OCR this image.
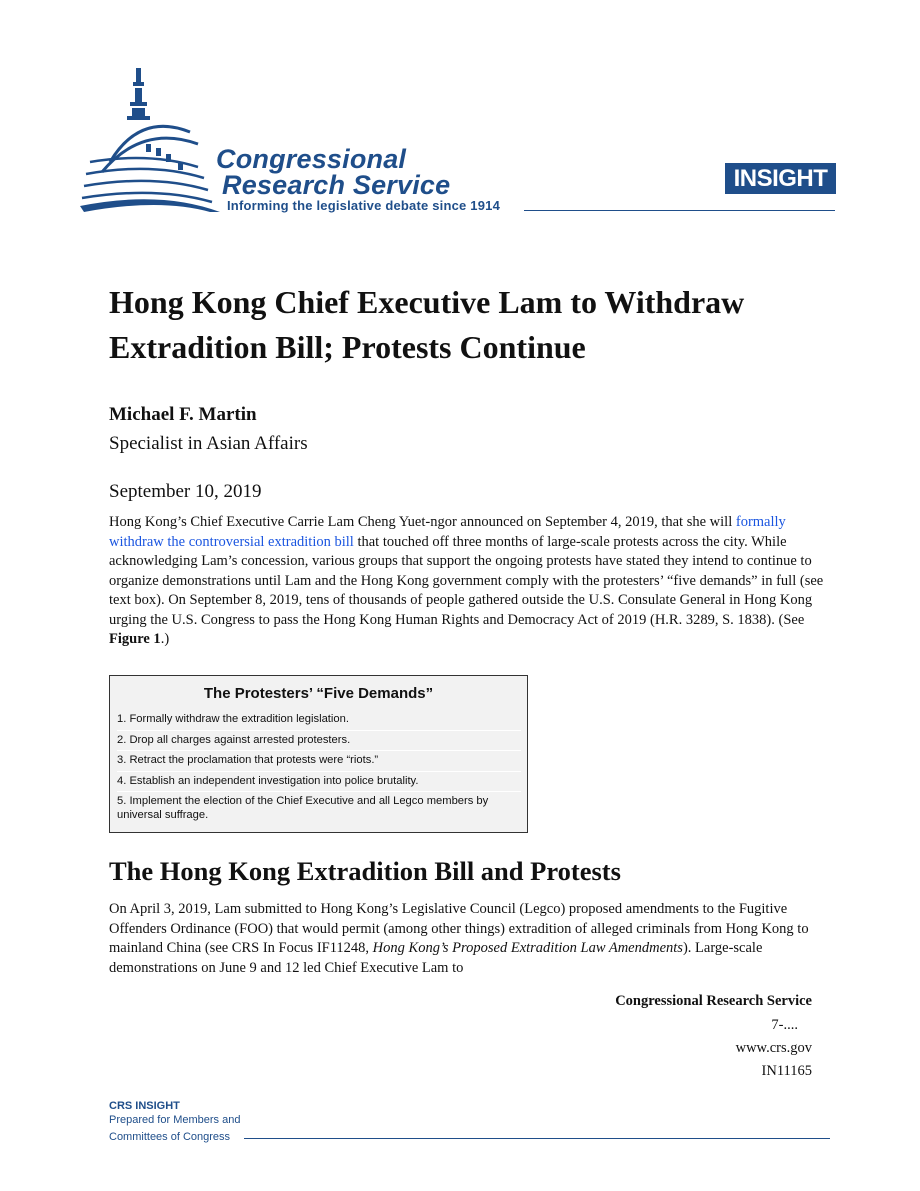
Congressional
Research Service
Informing the legislative debate since 1914
INSIGHT
Hong Kong Chief Executive Lam to Withdraw Extradition Bill; Protests Continue
Michael F. Martin
Specialist in Asian Affairs
September 10, 2019

Hong Kong’s Chief Executive Carrie Lam Cheng Yuet-ngor announced on September 4, 2019, that she will formally withdraw the controversial extradition bill that touched off three months of large-scale protests across the city. While acknowledging Lam’s concession, various groups that support the ongoing protests have stated they intend to continue to organize demonstrations until Lam and the Hong Kong government comply with the protesters’ “five demands” in full (see text box). On September 8, 2019, tens of thousands of people gathered outside the U.S. Consulate General in Hong Kong urging the U.S. Congress to pass the Hong Kong Human Rights and Democracy Act of 2019 (H.R. 3289, S. 1838). (See Figure 1.)

The Protesters’ “Five Demands”
1. Formally withdraw the extradition legislation.
2. Drop all charges against arrested protesters.
3. Retract the proclamation that protests were “riots.”
4. Establish an independent investigation into police brutality.
5. Implement the election of the Chief Executive and all Legco members by universal suffrage.
The Hong Kong Extradition Bill and Protests

On April 3, 2019, Lam submitted to Hong Kong’s Legislative Council (Legco) proposed amendments to the Fugitive Offenders Ordinance (FOO) that would permit (among other things) extradition of alleged criminals from Hong Kong to mainland China (see CRS In Focus IF11248, Hong Kong’s Proposed Extradition Law Amendments). Large-scale demonstrations on June 9 and 12 led Chief Executive Lam to

Congressional Research Service
7-....
www.crs.gov
IN11165
CRS INSIGHT
Prepared for Members and
Committees of Congress
